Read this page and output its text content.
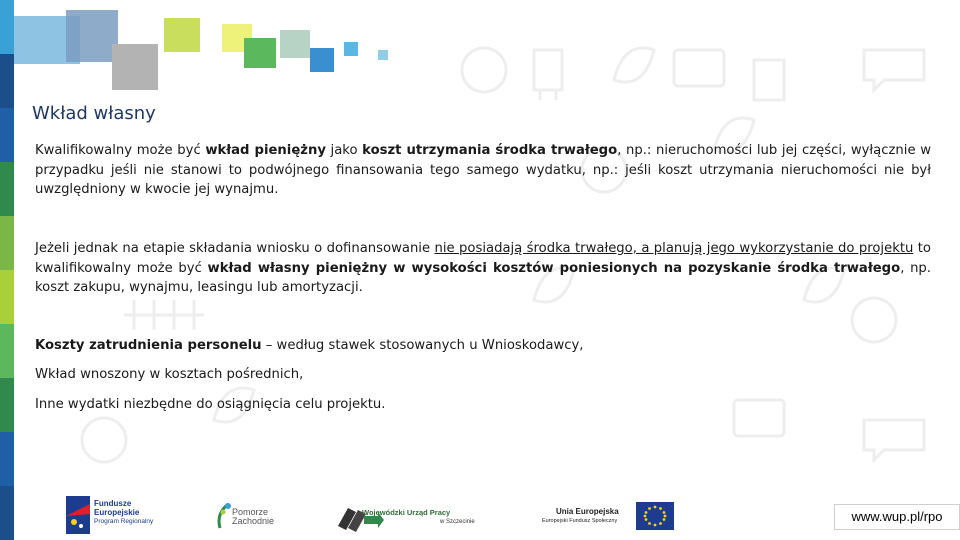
Wkład własny
Kwalifikowalny może być wkład pieniężny jako koszt utrzymania środka trwałego, np.: nieruchomości lub jej części, wyłącznie w przypadku jeśli nie stanowi to podwójnego finansowania tego samego wydatku, np.: jeśli koszt utrzymania nieruchomości nie był uwzględniony w kwocie jej wynajmu.
Jeżeli jednak na etapie składania wniosku o dofinansowanie nie posiadają środka trwałego, a planują jego wykorzystanie do projektu to kwalifikowalny może być wkład własny pieniężny w wysokości kosztów poniesionych na pozyskanie środka trwałego, np. koszt zakupu, wynajmu, leasingu lub amortyzacji.
Koszty zatrudnienia personelu – według stawek stosowanych u Wnioskodawcy,
Wkład wnoszony w kosztach pośrednich,
Inne wydatki niezbędne do osiągnięcia celu projektu.
Fundusze
Europejskie
Program Regionalny
Pomorze
Zachodnie
Wojewódzki Urząd Pracy
w Szczecinie
Unia Europejska
Europejski Fundusz Społeczny	www.wup.pl/rpo
